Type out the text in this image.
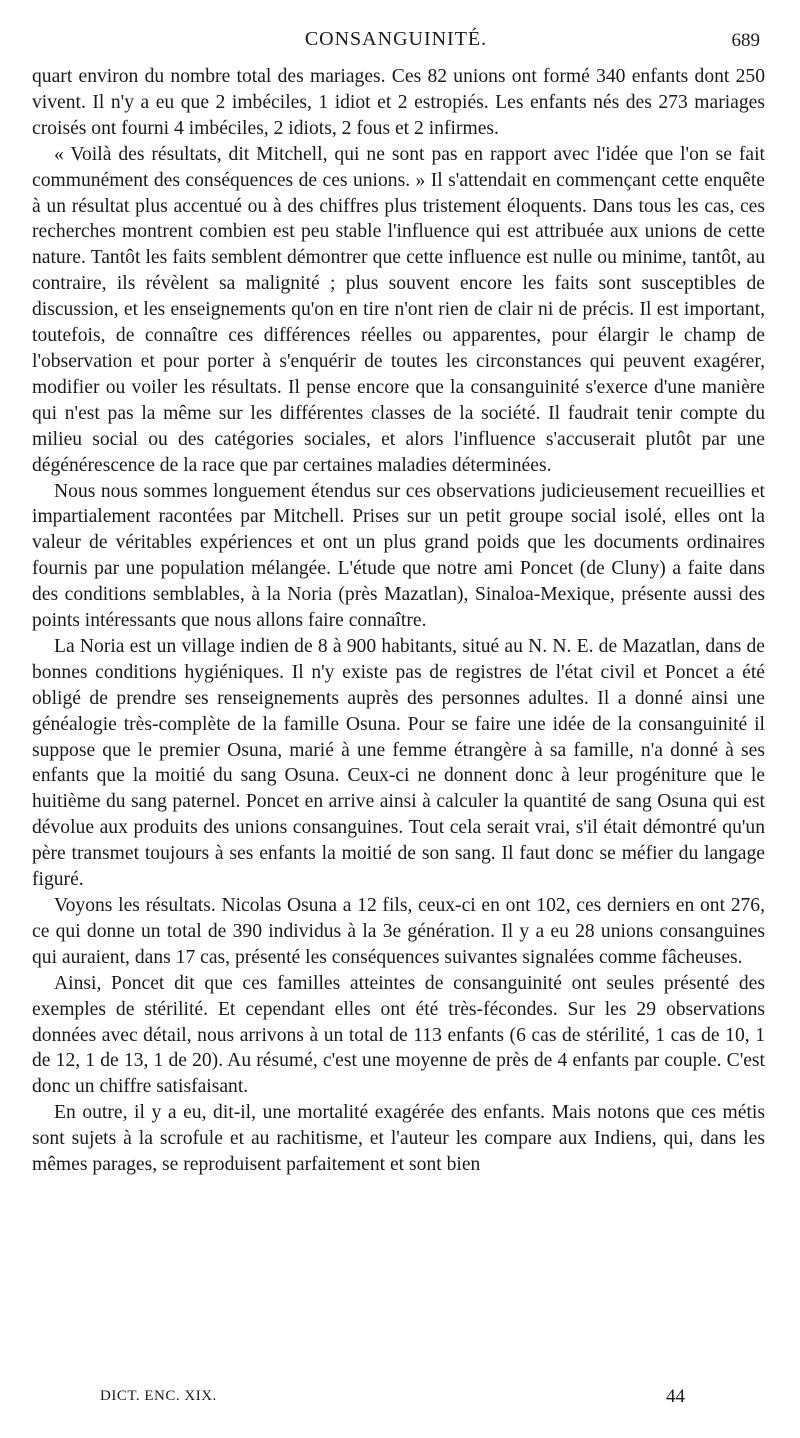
CONSANGUINITÉ.	689

quart environ du nombre total des mariages. Ces 82 unions ont formé 340 enfants dont 250 vivent. Il n'y a eu que 2 imbéciles, 1 idiot et 2 estropiés. Les enfants nés des 273 mariages croisés ont fourni 4 imbéciles, 2 idiots, 2 fous et 2 infirmes.

« Voilà des résultats, dit Mitchell, qui ne sont pas en rapport avec l'idée que l'on se fait communément des conséquences de ces unions. » Il s'attendait en commençant cette enquête à un résultat plus accentué ou à des chiffres plus tristement éloquents. Dans tous les cas, ces recherches montrent combien est peu stable l'influence qui est attribuée aux unions de cette nature. Tantôt les faits semblent démontrer que cette influence est nulle ou minime, tantôt, au contraire, ils révèlent sa malignité ; plus souvent encore les faits sont susceptibles de discussion, et les enseignements qu'on en tire n'ont rien de clair ni de précis. Il est important, toutefois, de connaître ces différences réelles ou apparentes, pour élargir le champ de l'observation et pour porter à s'enquérir de toutes les circonstances qui peuvent exagérer, modifier ou voiler les résultats. Il pense encore que la consanguinité s'exerce d'une manière qui n'est pas la même sur les différentes classes de la société. Il faudrait tenir compte du milieu social ou des catégories sociales, et alors l'influence s'accuserait plutôt par une dégénérescence de la race que par certaines maladies déterminées.

Nous nous sommes longuement étendus sur ces observations judicieusement recueillies et impartialement racontées par Mitchell. Prises sur un petit groupe social isolé, elles ont la valeur de véritables expériences et ont un plus grand poids que les documents ordinaires fournis par une population mélangée. L'étude que notre ami Poncet (de Cluny) a faite dans des conditions semblables, à la Noria (près Mazatlan), Sinaloa-Mexique, présente aussi des points intéressants que nous allons faire connaître.

La Noria est un village indien de 8 à 900 habitants, situé au N. N. E. de Mazatlan, dans de bonnes conditions hygiéniques. Il n'y existe pas de registres de l'état civil et Poncet a été obligé de prendre ses renseignements auprès des personnes adultes. Il a donné ainsi une généalogie très-complète de la famille Osuna. Pour se faire une idée de la consanguinité il suppose que le premier Osuna, marié à une femme étrangère à sa famille, n'a donné à ses enfants que la moitié du sang Osuna. Ceux-ci ne donnent donc à leur progéniture que le huitième du sang paternel. Poncet en arrive ainsi à calculer la quantité de sang Osuna qui est dévolue aux produits des unions consanguines. Tout cela serait vrai, s'il était démontré qu'un père transmet toujours à ses enfants la moitié de son sang. Il faut donc se méfier du langage figuré.

Voyons les résultats. Nicolas Osuna a 12 fils, ceux-ci en ont 102, ces derniers en ont 276, ce qui donne un total de 390 individus à la 3e génération. Il y a eu 28 unions consanguines qui auraient, dans 17 cas, présenté les conséquences suivantes signalées comme fâcheuses.

Ainsi, Poncet dit que ces familles atteintes de consanguinité ont seules présenté des exemples de stérilité. Et cependant elles ont été très-fécondes. Sur les 29 observations données avec détail, nous arrivons à un total de 113 enfants (6 cas de stérilité, 1 cas de 10, 1 de 12, 1 de 13, 1 de 20). Au résumé, c'est une moyenne de près de 4 enfants par couple. C'est donc un chiffre satisfaisant.

En outre, il y a eu, dit-il, une mortalité exagérée des enfants. Mais notons que ces métis sont sujets à la scrofule et au rachitisme, et l'auteur les compare aux Indiens, qui, dans les mêmes parages, se reproduisent parfaitement et sont bien

DICT. ENC. XIX.	44
